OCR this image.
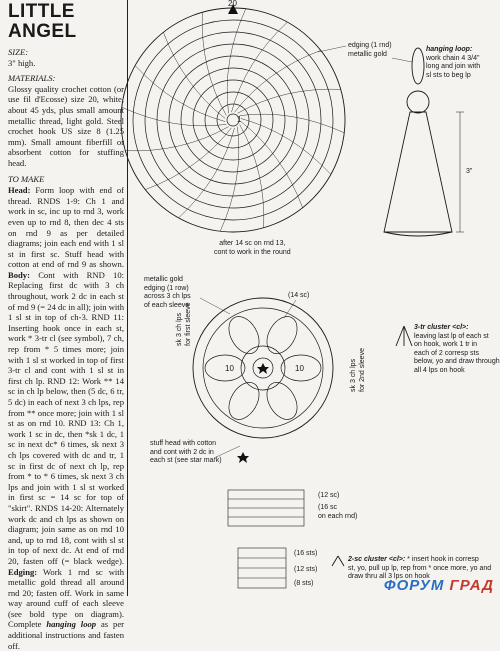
LITTLE
ANGEL
SIZE:
3" high.
MATERIALS:
Glossy quality crochet cotton (or use fil d'Ecosse) size 20, white, about 45 yds, plus small amount metallic thread, light gold. Steel crochet hook US size 8 (1.25 mm). Small amount fiberfill or absorbent cotton for stuffing head.
TO MAKE
Head: Form loop with end of thread. RNDS 1-9: Ch 1 and work in sc, inc up to rnd 3, work even up to rnd 8, then dec 4 sts on rnd 9 as per detailed diagrams; join each end with 1 sl st in first sc. Stuff head with cotton at end of rnd 9 as shown. Body: Cont with RND 10: Replacing first dc with 3 ch throughout, work 2 dc in each st of rnd 9 (= 24 dc in all); join with 1 sl st in top of ch-3. RND 11: Inserting hook once in each st, work * 3-tr cl (see symbol), 7 ch, rep from * 5 times more; join with 1 sl st worked in top of first 3-tr cl and cont with 1 sl st in first ch lp. RND 12: Work ** 14 sc in ch lp below, then (5 dc, 6 tr, 5 dc) in each of next 3 ch lps, rep from ** once more; join with 1 sl st as on rnd 10. RND 13: Ch 1, work 1 sc in dc, then *sk 1 dc, 1 sc in next dc* 6 times, sk next 3 ch lps covered with dc and tr, 1 sc in first dc of next ch lp, rep from * to * 6 times, sk next 3 ch lps and join with 1 sl st worked in first sc = 14 sc for top of "skirt". RNDS 14-20: Alternately work dc and ch lps as shown on diagram; join same as on rnd 10 and, up to rnd 18, cont with sl st in top of next dc. At end of rnd 20, fasten off (= black wedge). Edging: Work 1 rnd sc with metallic gold thread all around rnd 20; fasten off. Work in same way around cuff of each sleeve (see bold type on diagram). Complete hanging loop as per additional instructions and fasten off.
20
10
10
1
edging (1 rnd)
metallic gold
hanging loop:
work chain 4 3/4"
long and join with
sl sts to beg lp
3"
after 14 sc on rnd 13,
cont to work in the round
metallic gold
edging (1 row)
across 3 ch lps
of each sleeve
(14 sc)
sk 3 ch lps
for first sleeve
sk 3 ch lps
for 2nd sleeve
stuff head with cotton
and cont with 2 dc in
each st (see star mark)
(12 sc)
(16 sc
on each rnd)
(16 sts)
(12 sts)
(8 sts)
3-tr cluster <cl>:
leaving last lp of each st
on hook, work 1 tr in
each of 2 corresp sts
below, yo and draw through
all 4 lps on hook
2-sc cluster <cl>: * insert hook in corresp
st, yo, pull up lp, rep from * once more, yo and
draw thru all 3 lps on hook
ФОРУМ ГРАД
